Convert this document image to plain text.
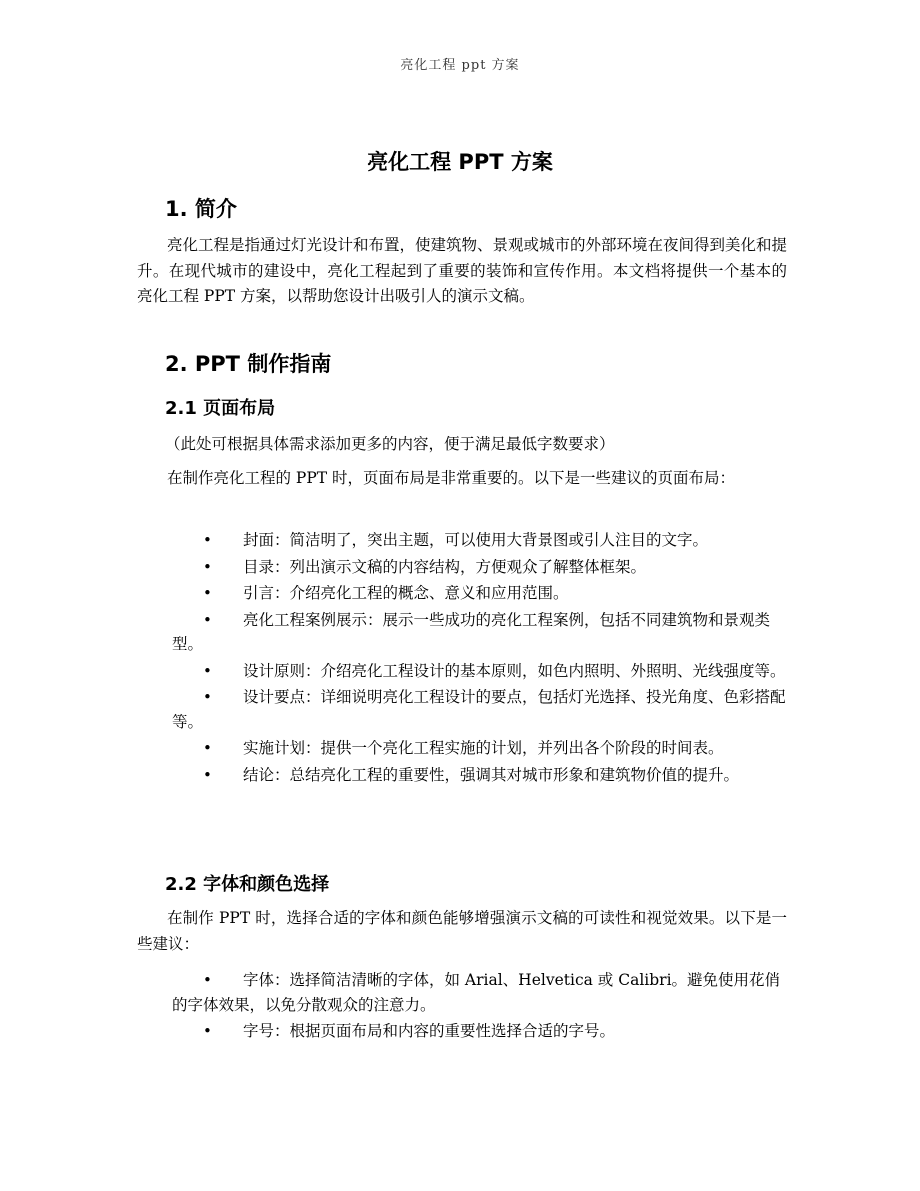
亮化工程 ppt 方案
亮化工程 PPT 方案
1. 简介
亮化工程是指通过灯光设计和布置，使建筑物、景观或城市的外部环境在夜间得到美化和提升。在现代城市的建设中，亮化工程起到了重要的装饰和宣传作用。本文档将提供一个基本的亮化工程 PPT 方案，以帮助您设计出吸引人的演示文稿。
2. PPT 制作指南
2.1 页面布局
（此处可根据具体需求添加更多的内容，便于满足最低字数要求）
在制作亮化工程的 PPT 时，页面布局是非常重要的。以下是一些建议的页面布局：
• 封面：简洁明了，突出主题，可以使用大背景图或引人注目的文字。
• 目录：列出演示文稿的内容结构，方便观众了解整体框架。
• 引言：介绍亮化工程的概念、意义和应用范围。
• 亮化工程案例展示：展示一些成功的亮化工程案例，包括不同建筑物和景观类型。
• 设计原则：介绍亮化工程设计的基本原则，如色内照明、外照明、光线强度等。
• 设计要点：详细说明亮化工程设计的要点，包括灯光选择、投光角度、色彩搭配等。
• 实施计划：提供一个亮化工程实施的计划，并列出各个阶段的时间表。
• 结论：总结亮化工程的重要性，强调其对城市形象和建筑物价值的提升。
2.2 字体和颜色选择
在制作 PPT 时，选择合适的字体和颜色能够增强演示文稿的可读性和视觉效果。以下是一些建议：
• 字体：选择简洁清晰的字体，如 Arial、Helvetica 或 Calibri。避免使用花俏的字体效果，以免分散观众的注意力。
• 字号：根据页面布局和内容的重要性选择合适的字号。
